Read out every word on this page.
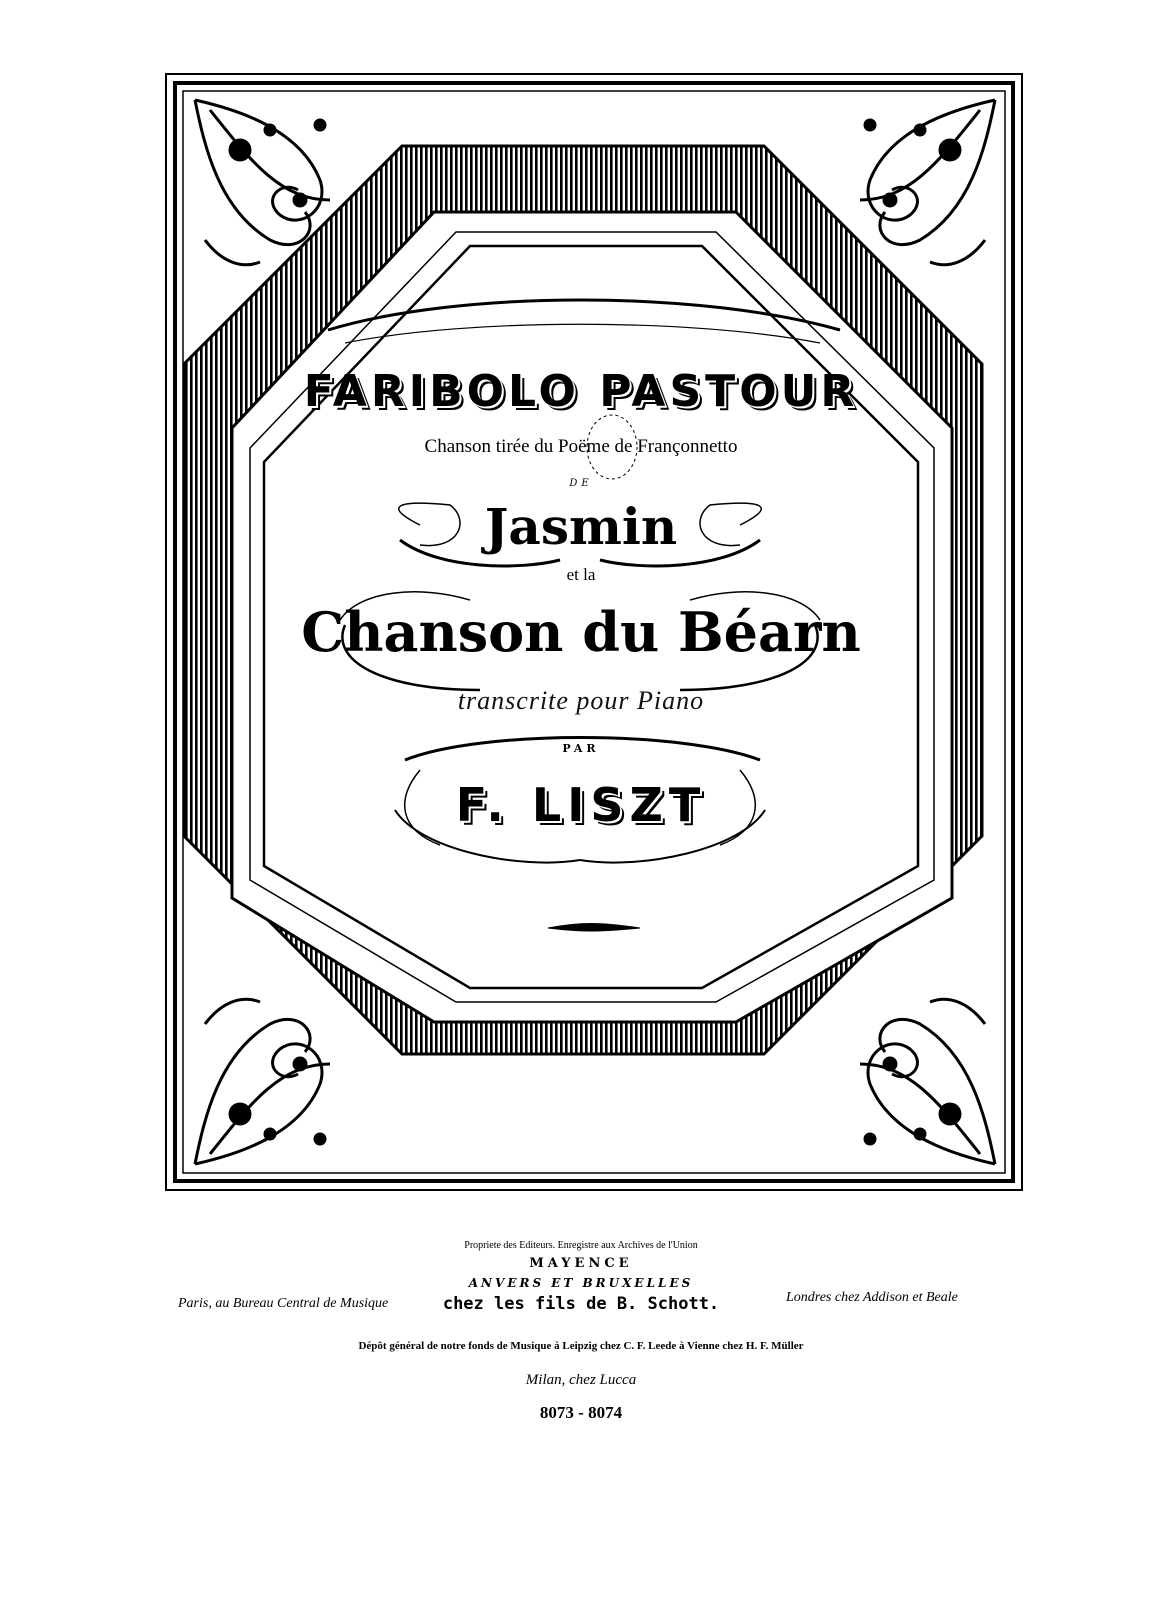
FARIBOLO PASTOUR
Chanson tirée du Poëme de Françonnetto
DE
Jasmin
et la
Chanson du Béarn
transcrite pour Piano
PAR
F. LISZT
Propriete des Editeurs. Enregistre aux Archives de l'Union
MAYENCE
ANVERS ET BRUXELLES
chez les fils de B. Schott.
Paris, au Bureau Central de Musique	Londres chez Addison et Beale
Dépôt général de notre fonds de Musique à Leipzig chez C. F. Leede à Vienne chez H. F. Müller
Milan, chez Lucca
8073 - 8074
